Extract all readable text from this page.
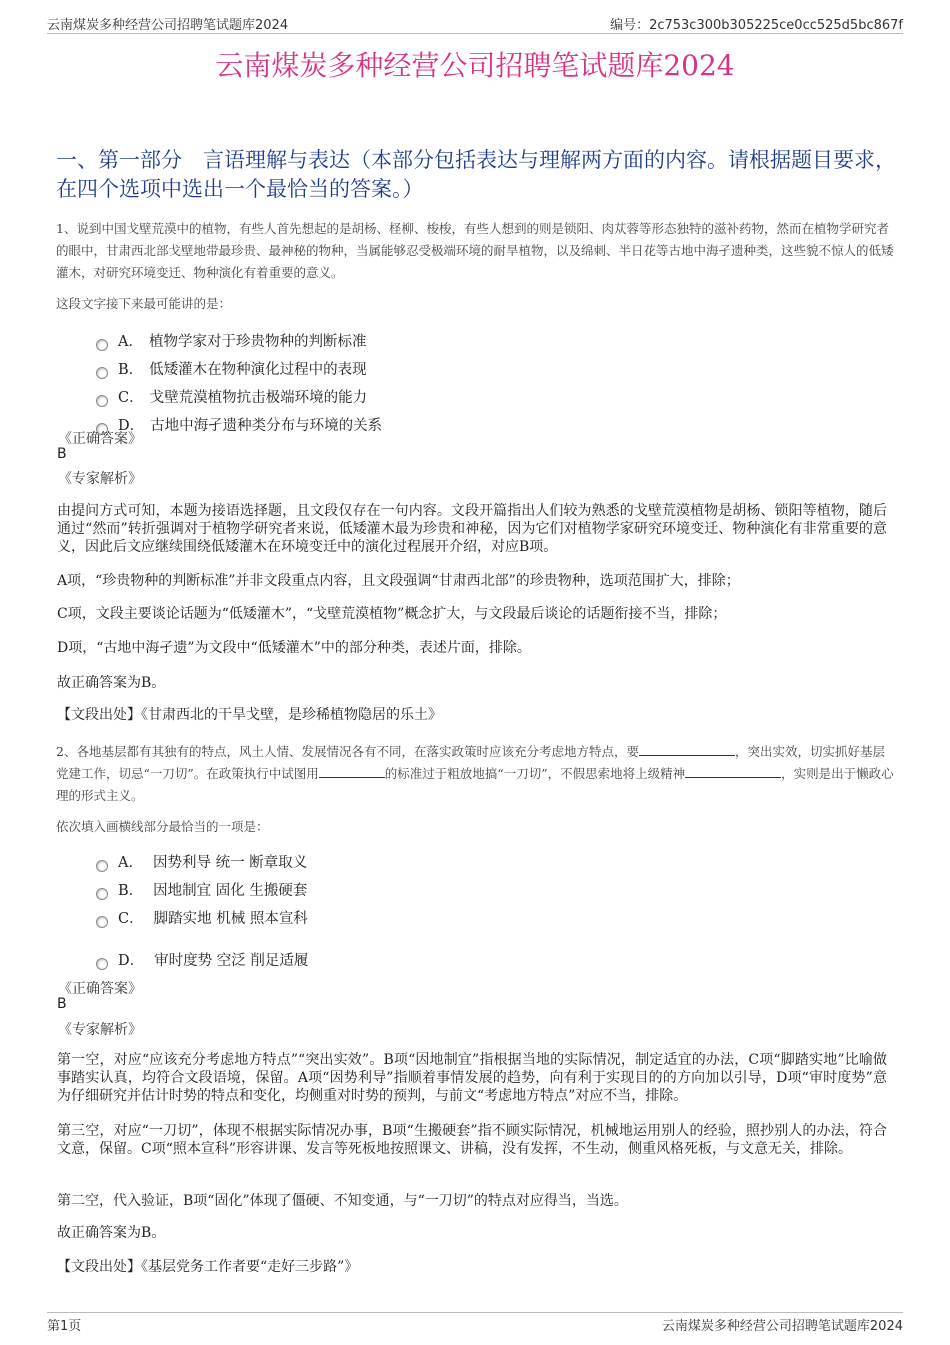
云南煤炭多种经营公司招聘笔试题库2024	编号：2c753c300b305225ce0cc525d5bc867f
云南煤炭多种经营公司招聘笔试题库2024
一、第一部分　言语理解与表达（本部分包括表达与理解两方面的内容。请根据题目要求，在四个选项中选出一个最恰当的答案。）
1、说到中国戈壁荒漠中的植物，有些人首先想起的是胡杨、柽柳、梭梭，有些人想到的则是锁阳、肉苁蓉等形态独特的滋补药物，然而在植物学研究者的眼中，甘肃西北部戈壁地带最珍贵、最神秘的物种，当属能够忍受极端环境的耐旱植物，以及绵刺、半日花等古地中海孑遗种类，这些貌不惊人的低矮灌木，对研究环境变迁、物种演化有着重要的意义。
这段文字接下来最可能讲的是：
A． 植物学家对于珍贵物种的判断标准
B． 低矮灌木在物种演化过程中的表现
C． 戈壁荒漠植物抗击极端环境的能力
D． 古地中海孑遗种类分布与环境的关系
《正确答案》
B
《专家解析》
由提问方式可知，本题为接语选择题，且文段仅存在一句内容。文段开篇指出人们较为熟悉的戈壁荒漠植物是胡杨、锁阳等植物，随后通过“然而”转折强调对于植物学研究者来说，低矮灌木最为珍贵和神秘，因为它们对植物学家研究环境变迁、物种演化有非常重要的意义，因此后文应继续围绕低矮灌木在环境变迁中的演化过程展开介绍，对应B项。
A项，“珍贵物种的判断标准”并非文段重点内容，且文段强调“甘肃西北部”的珍贵物种，选项范围扩大，排除；
C项，文段主要谈论话题为“低矮灌木”，“戈壁荒漠植物”概念扩大，与文段最后谈论的话题衔接不当，排除；
D项，“古地中海孑遗”为文段中“低矮灌木”中的部分种类，表述片面，排除。
故正确答案为B。
【文段出处】《甘肃西北的干旱戈壁，是珍稀植物隐居的乐土》
2、各地基层都有其独有的特点，风土人情、发展情况各有不同，在落实政策时应该充分考虑地方特点，要	，突出实效，切实抓好基层党建工作，切忌“一刀切”。在政策执行中试图用	的标准过于粗放地搞“一刀切”，不假思索地将上级精神	，实则是出于懒政心理的形式主义。
依次填入画横线部分最恰当的一项是：
A． 因势利导 统一 断章取义
B． 因地制宜 固化 生搬硬套
C． 脚踏实地 机械 照本宣科
D． 审时度势 空泛 削足适履
《正确答案》
B
《专家解析》
第一空，对应“应该充分考虑地方特点”“突出实效”。B项“因地制宜”指根据当地的实际情况，制定适宜的办法，C项“脚踏实地”比喻做事踏实认真，均符合文段语境，保留。A项“因势利导”指顺着事情发展的趋势，向有利于实现目的的方向加以引导，D项“审时度势”意为仔细研究并估计时势的特点和变化，均侧重对时势的预判，与前文“考虑地方特点”对应不当，排除。
第三空，对应“一刀切”，体现不根据实际情况办事，B项“生搬硬套”指不顾实际情况，机械地运用别人的经验，照抄别人的办法，符合文意，保留。C项“照本宣科”形容讲课、发言等死板地按照课文、讲稿，没有发挥，不生动，侧重风格死板，与文意无关，排除。
第二空，代入验证，B项“固化”体现了僵硬、不知变通，与“一刀切”的特点对应得当，当选。
故正确答案为B。
【文段出处】《基层党务工作者要“走好三步路”》
第1页	云南煤炭多种经营公司招聘笔试题库2024
